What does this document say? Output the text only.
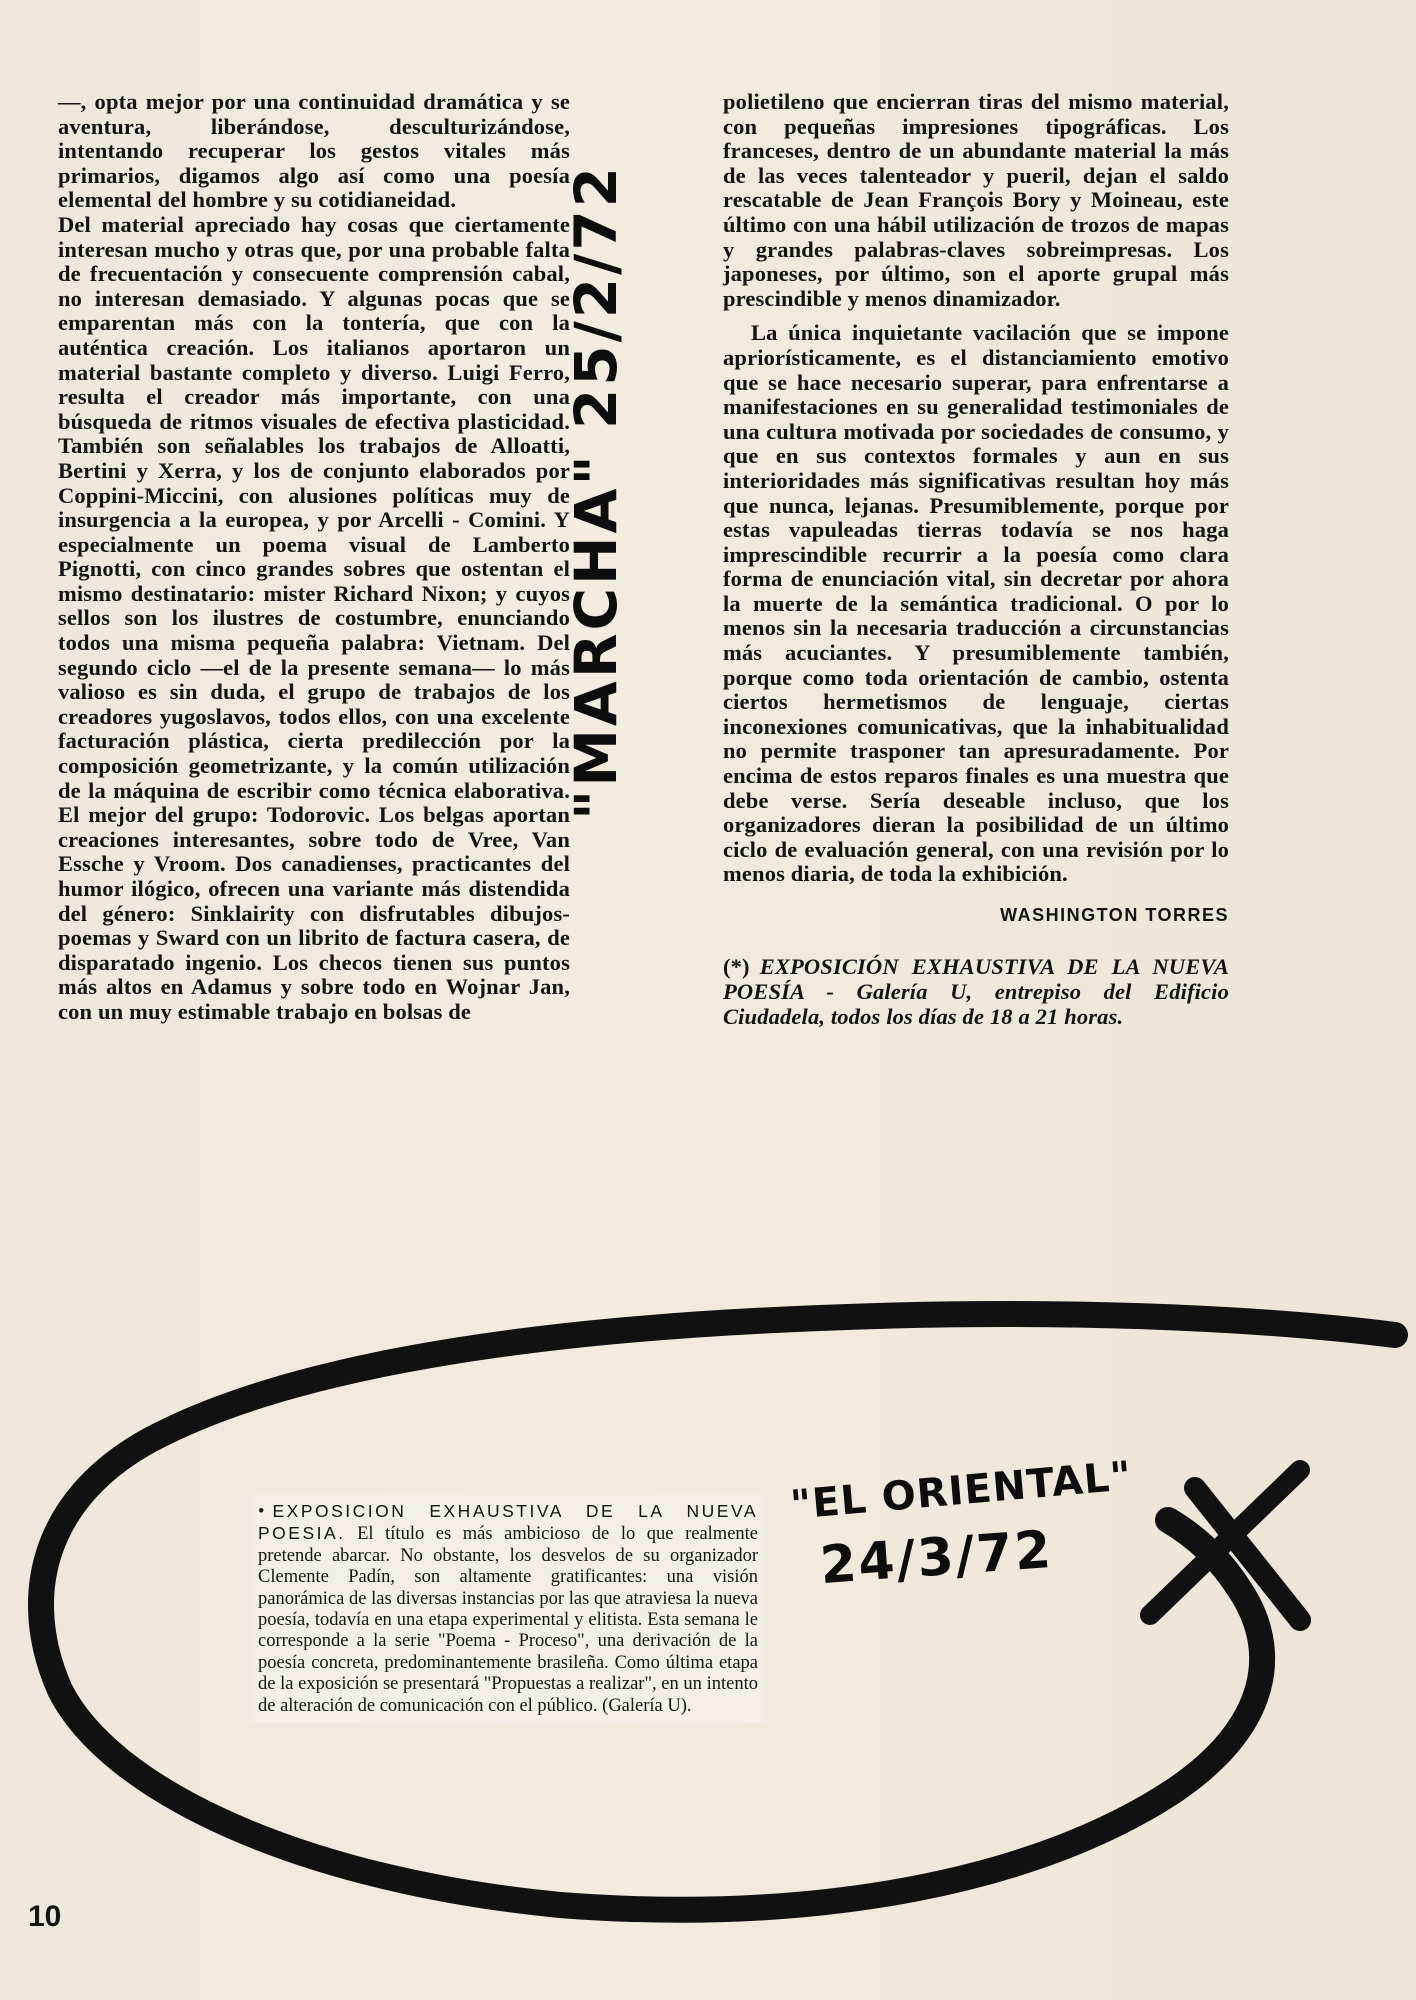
—, opta mejor por una continuidad dramática y se aventura, liberándose, desculturizándose, intentando recuperar los gestos vitales más primarios, digamos algo así como una poesía elemental del hombre y su cotidianeidad.

Del material apreciado hay cosas que ciertamente interesan mucho y otras que, por una probable falta de frecuentación y consecuente comprensión cabal, no interesan demasiado. Y algunas pocas que se emparentan más con la tontería, que con la auténtica creación. Los italianos aportaron un material bastante completo y diverso. Luigi Ferro, resulta el creador más importante, con una búsqueda de ritmos visuales de efectiva plasticidad. También son señalables los trabajos de Alloatti, Bertini y Xerra, y los de conjunto elaborados por Coppini-Miccini, con alusiones políticas muy de insurgencia a la europea, y por Arcelli - Comini. Y especialmente un poema visual de Lamberto Pignotti, con cinco grandes sobres que ostentan el mismo destinatario: mister Richard Nixon; y cuyos sellos son los ilustres de costumbre, enunciando todos una misma pequeña palabra: Vietnam. Del segundo ciclo —el de la presente semana— lo más valioso es sin duda, el grupo de trabajos de los creadores yugoslavos, todos ellos, con una excelente facturación plástica, cierta predilección por la composición geometrizante, y la común utilización de la máquina de escribir como técnica elaborativa. El mejor del grupo: Todorovic. Los belgas aportan creaciones interesantes, sobre todo de Vree, Van Essche y Vroom. Dos canadienses, practicantes del humor ilógico, ofrecen una variante más distendida del género: Sinklairity con disfrutables dibujos-poemas y Sward con un librito de factura casera, de disparatado ingenio. Los checos tienen sus puntos más altos en Adamus y sobre todo en Wojnar Jan, con un muy estimable trabajo en bolsas de

polietileno que encierran tiras del mismo material, con pequeñas impresiones tipográficas. Los franceses, dentro de un abundante material la más de las veces talenteador y pueril, dejan el saldo rescatable de Jean François Bory y Moineau, este último con una hábil utilización de trozos de mapas y grandes palabras-claves sobreimpresas. Los japoneses, por último, son el aporte grupal más prescindible y menos dinamizador.

La única inquietante vacilación que se impone apriorísticamente, es el distanciamiento emotivo que se hace necesario superar, para enfrentarse a manifestaciones en su generalidad testimoniales de una cultura motivada por sociedades de consumo, y que en sus contextos formales y aun en sus interioridades más significativas resultan hoy más que nunca, lejanas. Presumiblemente, porque por estas vapuleadas tierras todavía se nos haga imprescindible recurrir a la poesía como clara forma de enunciación vital, sin decretar por ahora la muerte de la semántica tradicional. O por lo menos sin la necesaria traducción a circunstancias más acuciantes. Y presumiblemente también, porque como toda orientación de cambio, ostenta ciertos hermetismos de lenguaje, ciertas inconexiones comunicativas, que la inhabitualidad no permite trasponer tan apresuradamente. Por encima de estos reparos finales es una muestra que debe verse. Sería deseable incluso, que los organizadores dieran la posibilidad de un último ciclo de evaluación general, con una revisión por lo menos diaria, de toda la exhibición.

WASHINGTON TORRES

(*) EXPOSICIÓN EXHAUSTIVA DE LA NUEVA POESÍA - Galería U, entrepiso del Edificio Ciudadela, todos los días de 18 a 21 horas.

"MARCHA" 25/2/72

• EXPOSICION EXHAUSTIVA DE LA NUEVA POESIA. El título es más ambicioso de lo que realmente pretende abarcar. No obstante, los desvelos de su organizador Clemente Padín, son altamente gratificantes: una visión panorámica de las diversas instancias por las que atraviesa la nueva poesía, todavía en una etapa experimental y elitista. Esta semana le corresponde a la serie "Poema - Proceso", una derivación de la poesía concreta, predominantemente brasileña. Como última etapa de la exposición se presentará "Propuestas a realizar", en un intento de alteración de comunicación con el público. (Galería U).

"EL ORIENTAL"
24/3/72
10
